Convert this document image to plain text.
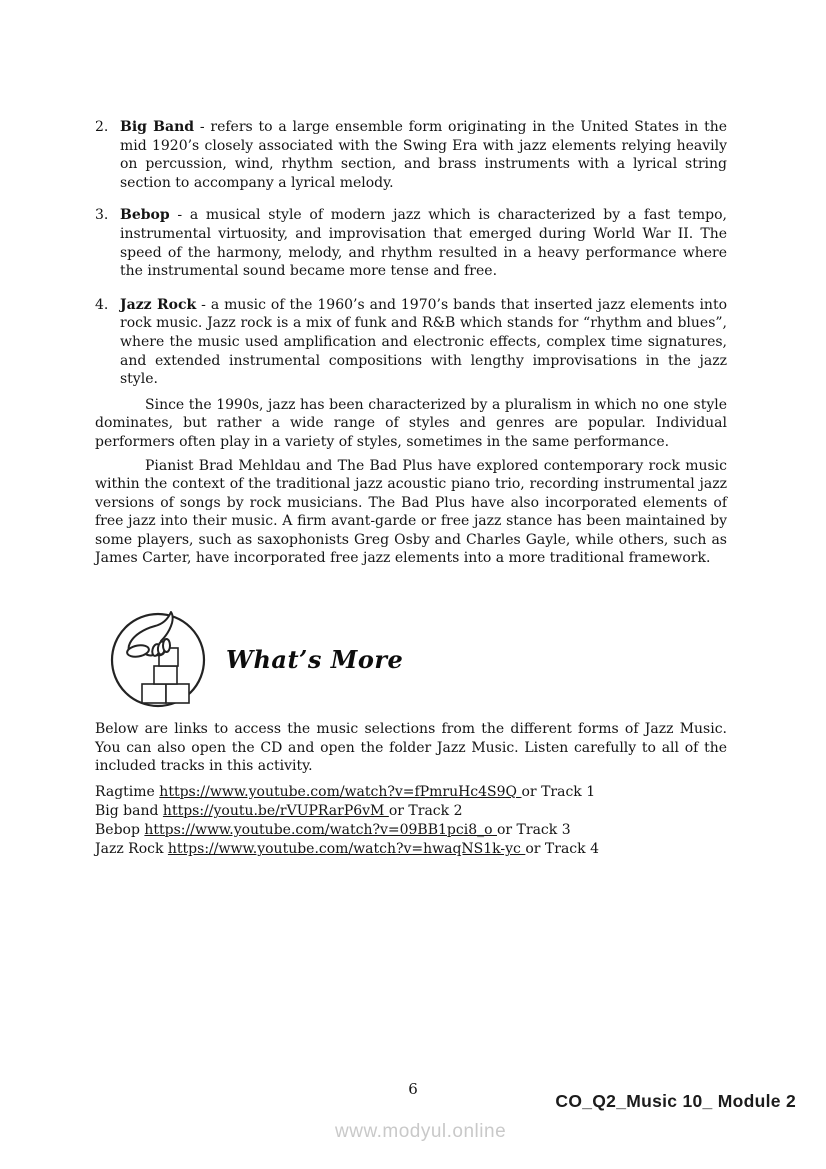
2. Big Band - refers to a large ensemble form originating in the United States in the mid 1920’s closely associated with the Swing Era with jazz elements relying heavily on percussion, wind, rhythm section, and brass instruments with a lyrical string section to accompany a lyrical melody.
3. Bebop - a musical style of modern jazz which is characterized by a fast tempo, instrumental virtuosity, and improvisation that emerged during World War II. The speed of the harmony, melody, and rhythm resulted in a heavy performance where the instrumental sound became more tense and free.
4. Jazz Rock - a music of the 1960’s and 1970’s bands that inserted jazz elements into rock music. Jazz rock is a mix of funk and R&B which stands for “rhythm and blues”, where the music used amplification and electronic effects, complex time signatures, and extended instrumental compositions with lengthy improvisations in the jazz style.

Since the 1990s, jazz has been characterized by a pluralism in which no one style dominates, but rather a wide range of styles and genres are popular. Individual performers often play in a variety of styles, sometimes in the same performance.

Pianist Brad Mehldau and The Bad Plus have explored contemporary rock music within the context of the traditional jazz acoustic piano trio, recording instrumental jazz versions of songs by rock musicians. The Bad Plus have also incorporated elements of free jazz into their music. A firm avant-garde or free jazz stance has been maintained by some players, such as saxophonists Greg Osby and Charles Gayle, while others, such as James Carter, have incorporated free jazz elements into a more traditional framework.

What’s More

Below are links to access the music selections from the different forms of Jazz Music. You can also open the CD and open the folder Jazz Music. Listen carefully to all of the included tracks in this activity.

Ragtime https://www.youtube.com/watch?v=fPmruHc4S9Q or Track 1
Big band https://youtu.be/rVUPRarP6vM or Track 2
Bebop https://www.youtube.com/watch?v=09BB1pci8_o or Track 3
Jazz Rock https://www.youtube.com/watch?v=hwaqNS1k-yc or Track 4
6
CO_Q2_Music 10_ Module 2
www.modyul.online
